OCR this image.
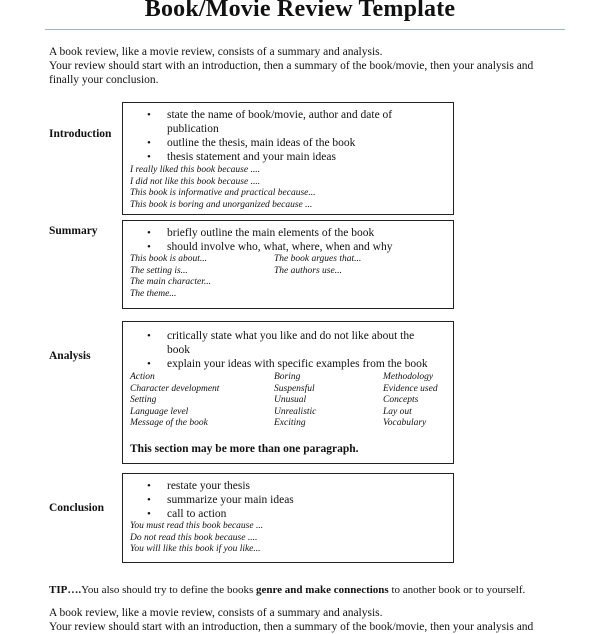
Book/Movie Review Template
A book review, like a movie review, consists of a summary and analysis.
Your review should start with an introduction, then a summary of the book/movie, then your analysis and
finally your conclusion.
Introduction
• state the name of book/movie, author and date of
publication
• outline the thesis, main ideas of the book
• thesis statement and your main ideas
I really liked this book because ....
I did not like this book because ....
This book is informative and practical because...
This book is boring and unorganized because ...
Summary
•	briefly outline the main elements of the book
• should involve who, what, where, when and why
This book is about...
The setting is...
The main character...
The theme...
The book argues that...
The authors use...
Analysis
• critically state what you like and do not like about the
book
• explain your ideas with specific examples from the book
Action
Character development
Setting
Language level
Message of the book
Boring
Suspensful
Unusual
Unrealistic
Exciting
Methodology
Evidence used
Concepts
Lay out
Vocabulary
This section may be more than one paragraph.
Conclusion
• restate your thesis
• summarize your main ideas
• call to action
You must read this book because ...
Do not read this book because ....
You will like this book if you like...
TIP….You also should try to define the books genre and make connections to another book or to yourself.
A book review, like a movie review, consists of a summary and analysis.
Your review should start with an introduction, then a summary of the book/movie, then your analysis and
